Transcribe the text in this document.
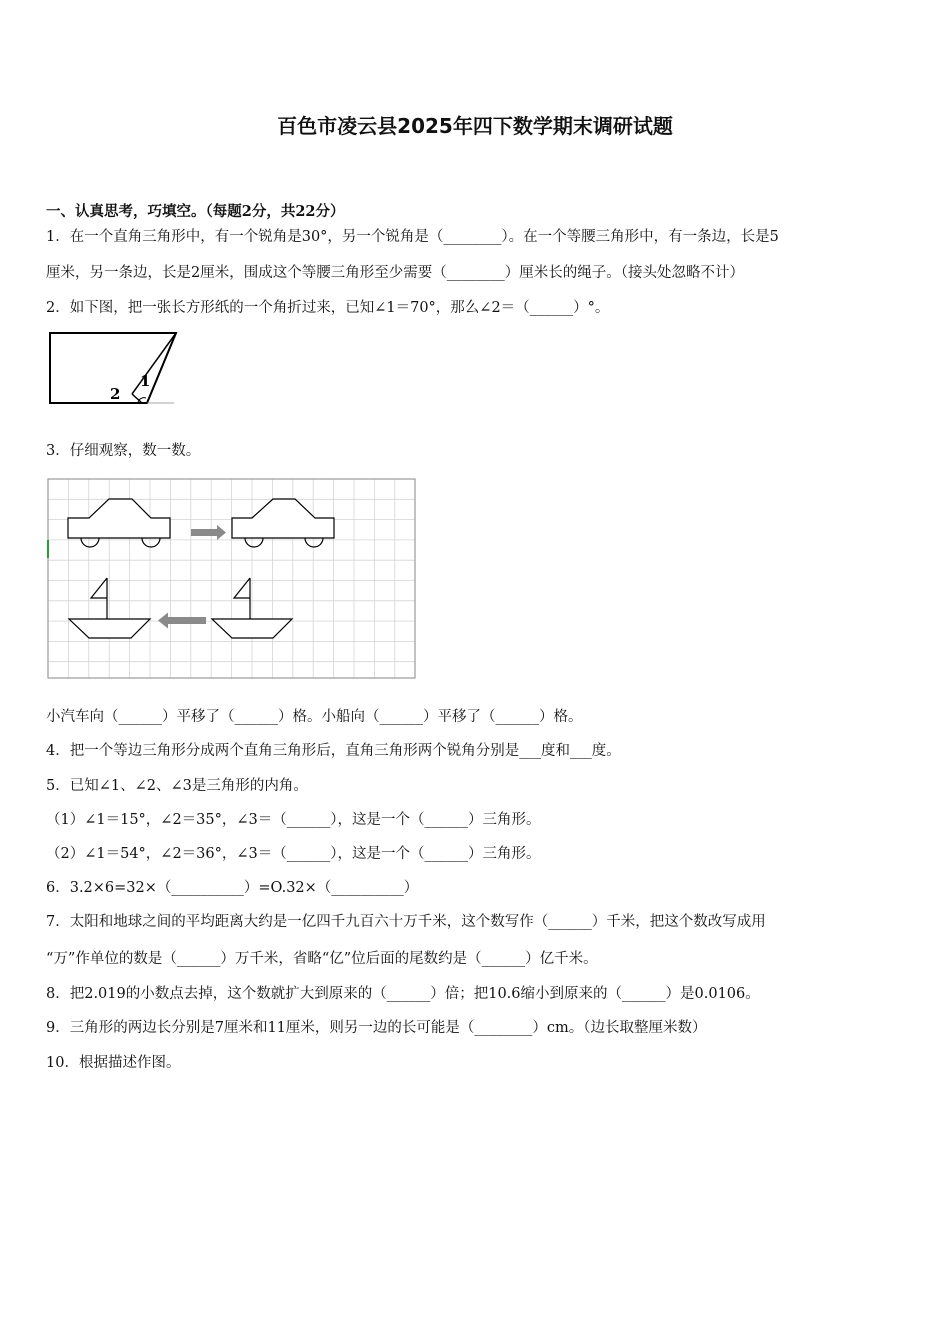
百色市凌云县2025年四下数学期末调研试题
一、认真思考，巧填空。（每题2分，共22分）
1．在一个直角三角形中，有一个锐角是30°，另一个锐角是（________）。在一个等腰三角形中，有一条边，长是5
厘米，另一条边，长是2厘米，围成这个等腰三角形至少需要（________）厘米长的绳子。（接头处忽略不计）
2．如下图，把一张长方形纸的一个角折过来，已知∠1＝70°，那么∠2＝（______）°。
1
2
3．仔细观察，数一数。
小汽车向（______）平移了（______）格。小船向（______）平移了（______）格。
4．把一个等边三角形分成两个直角三角形后，直角三角形两个锐角分别是___度和___度。
5．已知∠1、∠2、∠3是三角形的内角。
（1）∠1＝15°，∠2＝35°，∠3＝（______），这是一个（______）三角形。
（2）∠1＝54°，∠2＝36°，∠3＝（______），这是一个（______）三角形。
6．3.2×6=32×（__________）=O.32×（__________）
7．太阳和地球之间的平均距离大约是一亿四千九百六十万千米，这个数写作（______）千米，把这个数改写成用
“万”作单位的数是（______）万千米，省略“亿”位后面的尾数约是（______）亿千米。
8．把2.019的小数点去掉，这个数就扩大到原来的（______）倍；把10.6缩小到原来的（______）是0.0106。
9．三角形的两边长分别是7厘米和11厘米，则另一边的长可能是（________）cm。（边长取整厘米数）
10．根据描述作图。
